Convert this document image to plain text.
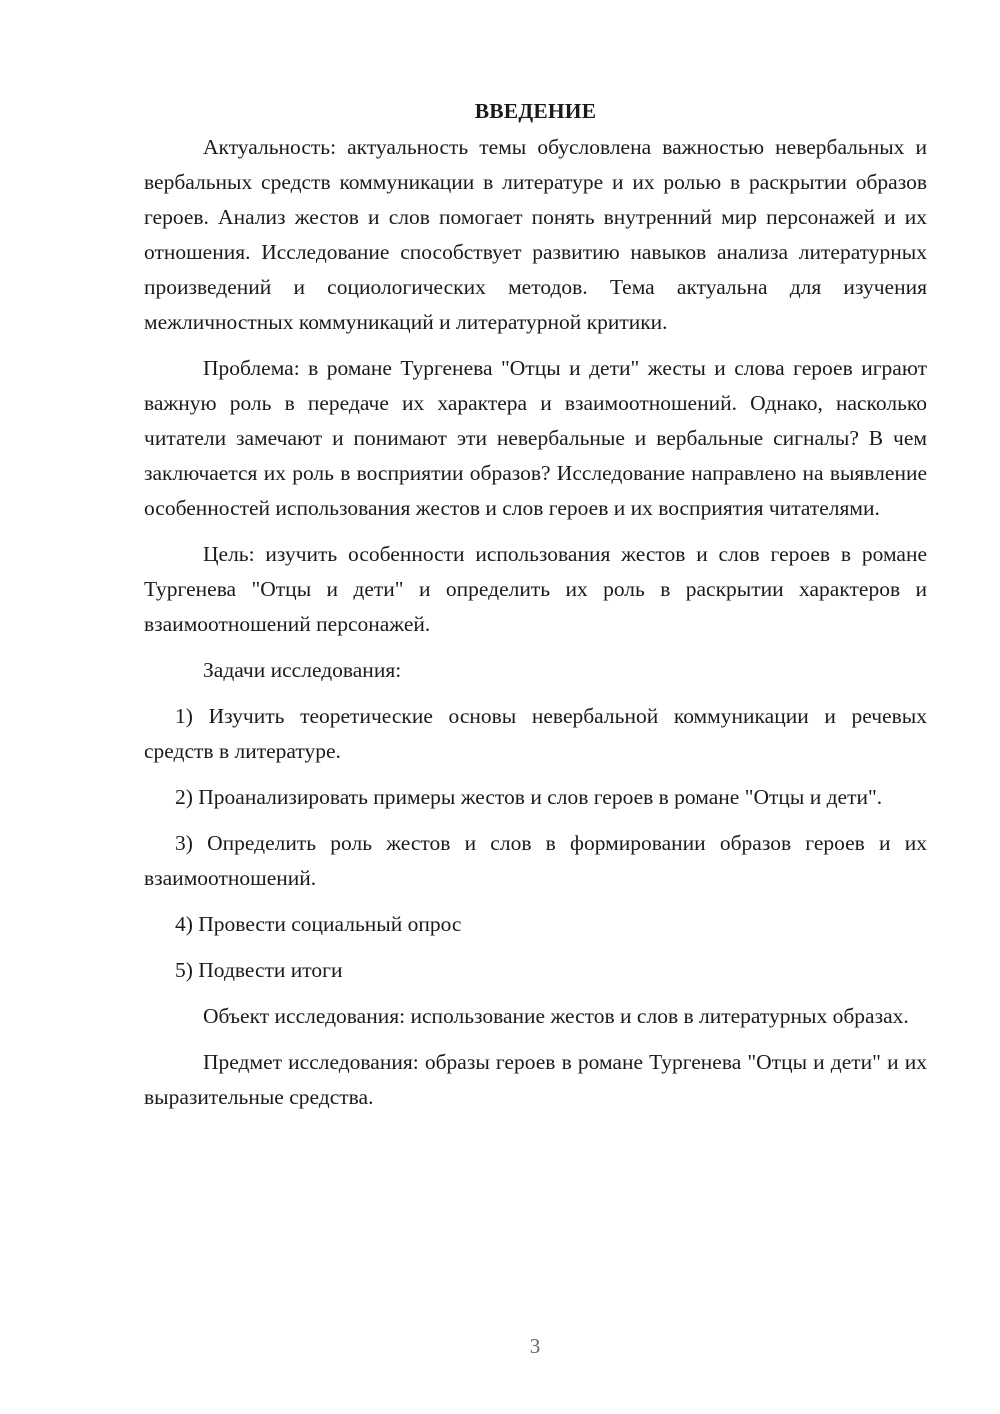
ВВЕДЕНИЕ

Актуальность: актуальность темы обусловлена важностью невербальных и вербальных средств коммуникации в литературе и их ролью в раскрытии образов героев. Анализ жестов и слов помогает понять внутренний мир персонажей и их отношения. Исследование способствует развитию навыков анализа литературных произведений и социологических методов. Тема актуальна для изучения межличностных коммуникаций и литературной критики.

Проблема: в романе Тургенева "Отцы и дети" жесты и слова героев играют важную роль в передаче их характера и взаимоотношений. Однако, насколько читатели замечают и понимают эти невербальные и вербальные сигналы? В чем заключается их роль в восприятии образов? Исследование направлено на выявление особенностей использования жестов и слов героев и их восприятия читателями.

Цель: изучить особенности использования жестов и слов героев в романе Тургенева "Отцы и дети" и определить их роль в раскрытии характеров и взаимоотношений персонажей.

Задачи исследования:

1) Изучить теоретические основы невербальной коммуникации и речевых средств в литературе.

2) Проанализировать примеры жестов и слов героев в романе "Отцы и дети".

3) Определить роль жестов и слов в формировании образов героев и их взаимоотношений.

4) Провести социальный опрос

5) Подвести итоги

Объект исследования: использование жестов и слов в литературных образах.

Предмет исследования: образы героев в романе Тургенева "Отцы и дети" и их выразительные средства.

3
